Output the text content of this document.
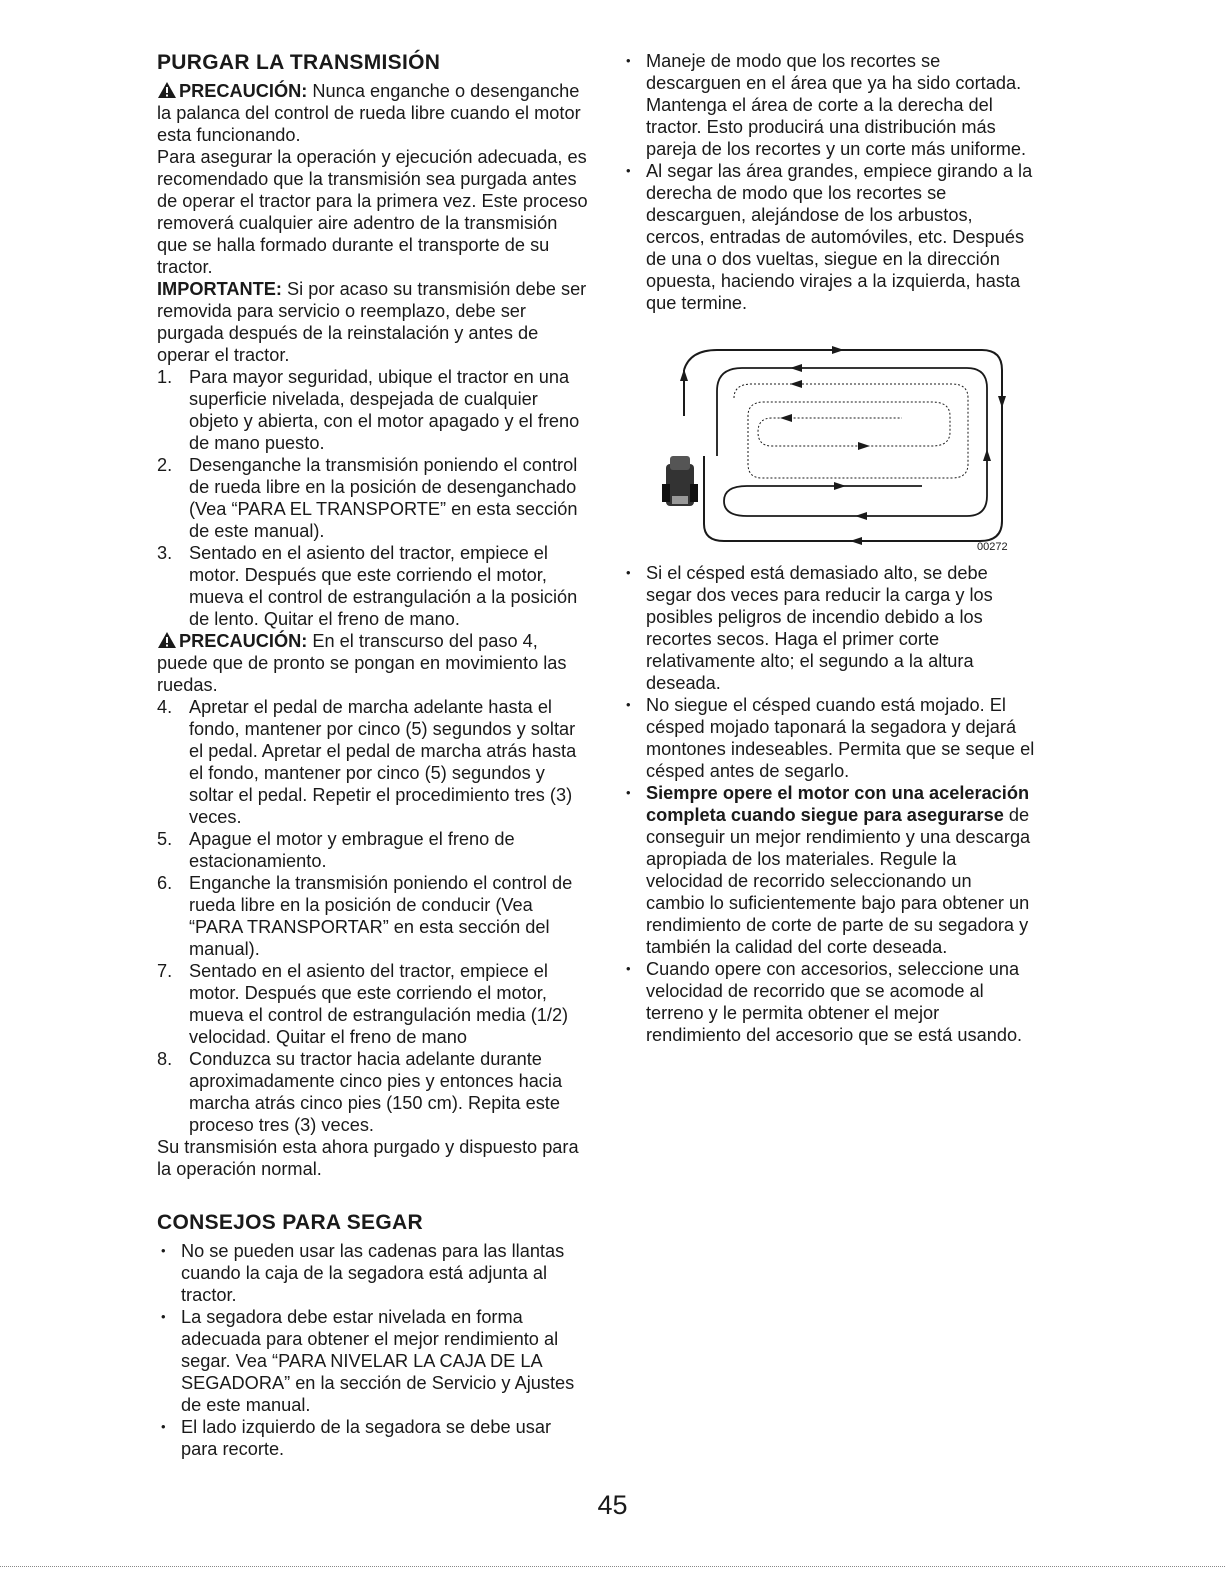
PURGAR LA TRANSMISIÓN

PRECAUCIÓN: Nunca enganche o desenganche la palanca del control de rueda libre cuando el motor esta funcionando.

Para asegurar la operación y ejecución adecuada, es recomendado que la transmisión sea purgada antes de operar el tractor para la primera vez. Este proceso removerá cualquier aire adentro de la transmisión que se halla formado durante el transporte de su tractor.

IMPORTANTE: Si por acaso su transmisión debe ser removida para servicio o reemplazo, debe ser purgada después de la reinstalación y antes de operar el tractor.

1. Para mayor seguridad, ubique el tractor en una superficie nivelada, despejada de cualquier objeto y abierta, con el motor apagado y el freno de mano puesto.
2. Desenganche la transmisión poniendo el control de rueda libre en la posición de desenganchado (Vea “PARA EL TRANSPORTE” en esta sección de este manual).
3. Sentado en el asiento del tractor, empiece el motor. Después que este corriendo el motor, mueva el control de estrangulación a la posición de lento. Quitar el freno de mano.

PRECAUCIÓN: En el transcurso del paso 4, puede que de pronto se pongan en movimiento las ruedas.

4. Apretar el pedal de marcha adelante hasta el fondo, mantener por cinco (5) segundos y soltar el pedal. Apretar el pedal de marcha atrás hasta el fondo, mantener por cinco (5) segundos y soltar el pedal. Repetir el procedimiento tres (3) veces.
5. Apague el motor y embrague el freno de estacionamiento.
6. Enganche la transmisión poniendo el control de rueda libre en la posición de conducir (Vea “PARA TRANSPORTAR” en esta sección del manual).
7. Sentado en el asiento del tractor, empiece el motor. Después que este corriendo el motor, mueva el control de estrangulación media (1/2) velocidad. Quitar el freno de mano
8. Conduzca su tractor hacia adelante durante aproximadamente cinco pies y entonces hacia marcha atrás cinco pies (150 cm). Repita este proceso tres (3) veces.

Su transmisión esta ahora purgado y dispuesto para la operación normal.

CONSEJOS PARA SEGAR
• No se pueden usar las cadenas para las llantas cuando la caja de la segadora está adjunta al tractor.
• La segadora debe estar nivelada en forma adecuada para obtener el mejor rendimiento al segar. Vea “PARA NIVELAR LA CAJA DE LA SEGADORA” en la sección de Servicio y Ajustes de este manual.
• El lado izquierdo de la segadora se debe usar para recorte.
• Maneje de modo que los recortes se descarguen en el área que ya ha sido cortada. Mantenga el área de corte a la derecha del tractor. Esto producirá una distribución más pareja de los recortes y un corte más uniforme.
• Al segar las área grandes, empiece girando a la derecha de modo que los recortes se descarguen, alejándose de los arbustos, cercos, entradas de automóviles, etc. Después de una o dos vueltas, siegue en la dirección opuesta, haciendo virajes a la izquierda, hasta que termine.
00272
• Si el césped está demasiado alto, se debe segar dos veces para reducir la carga y los posibles peligros de incendio debido a los recortes secos. Haga el primer corte relativamente alto; el segundo a la altura deseada.
• No siegue el césped cuando está mojado. El césped mojado taponará la segadora y dejará montones indeseables. Permita que se seque el césped antes de segarlo.
• Siempre opere el motor con una aceleración completa cuando siegue para asegurarse de conseguir un mejor rendimiento y una descarga apropiada de los materiales. Regule la velocidad de recorrido seleccionando un cambio lo suficientemente bajo para obtener un rendimiento de corte de parte de su segadora y también la calidad del corte deseada.
• Cuando opere con accesorios, seleccione una velocidad de recorrido que se acomode al terreno y le permita obtener el mejor rendimiento del accesorio que se está usando.
45
